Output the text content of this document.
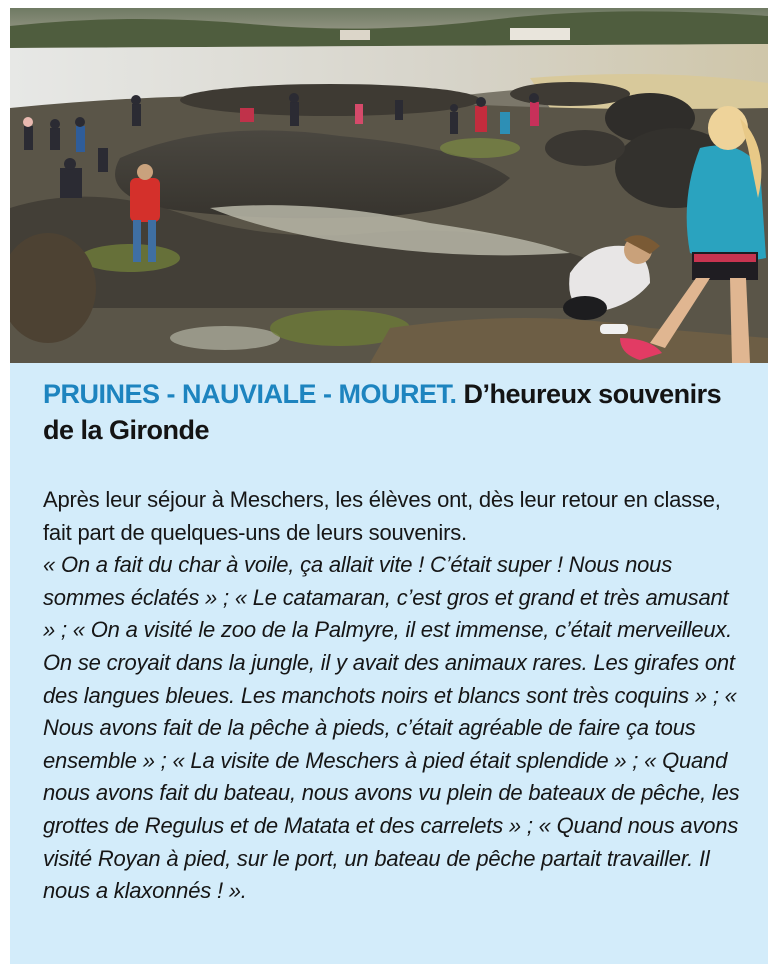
PRUINES - NAUVIALE - MOURET. D’heureux souvenirs de la Gironde

Après leur séjour à Meschers, les élèves ont, dès leur retour en classe, fait part de quelques-uns de leurs souvenirs.

« On a fait du char à voile, ça allait vite ! C’était super ! Nous nous sommes éclatés » ; « Le catamaran, c’est gros et grand et très amusant » ; « On a visité le zoo de la Palmyre, il est immense, c’était merveilleux. On se croyait dans la jungle, il y avait des animaux rares. Les girafes ont des langues bleues. Les manchots noirs et blancs sont très coquins » ; « Nous avons fait de la pêche à pieds, c’était agréable de faire ça tous ensemble » ; « La visite de Meschers à pied était splendide » ; « Quand nous avons fait du bateau, nous avons vu plein de bateaux de pêche, les grottes de Regulus et de Matata et des carrelets » ; « Quand nous avons visité Royan à pied, sur le port, un bateau de pêche partait travailler. Il nous a klaxonnés ! ».
